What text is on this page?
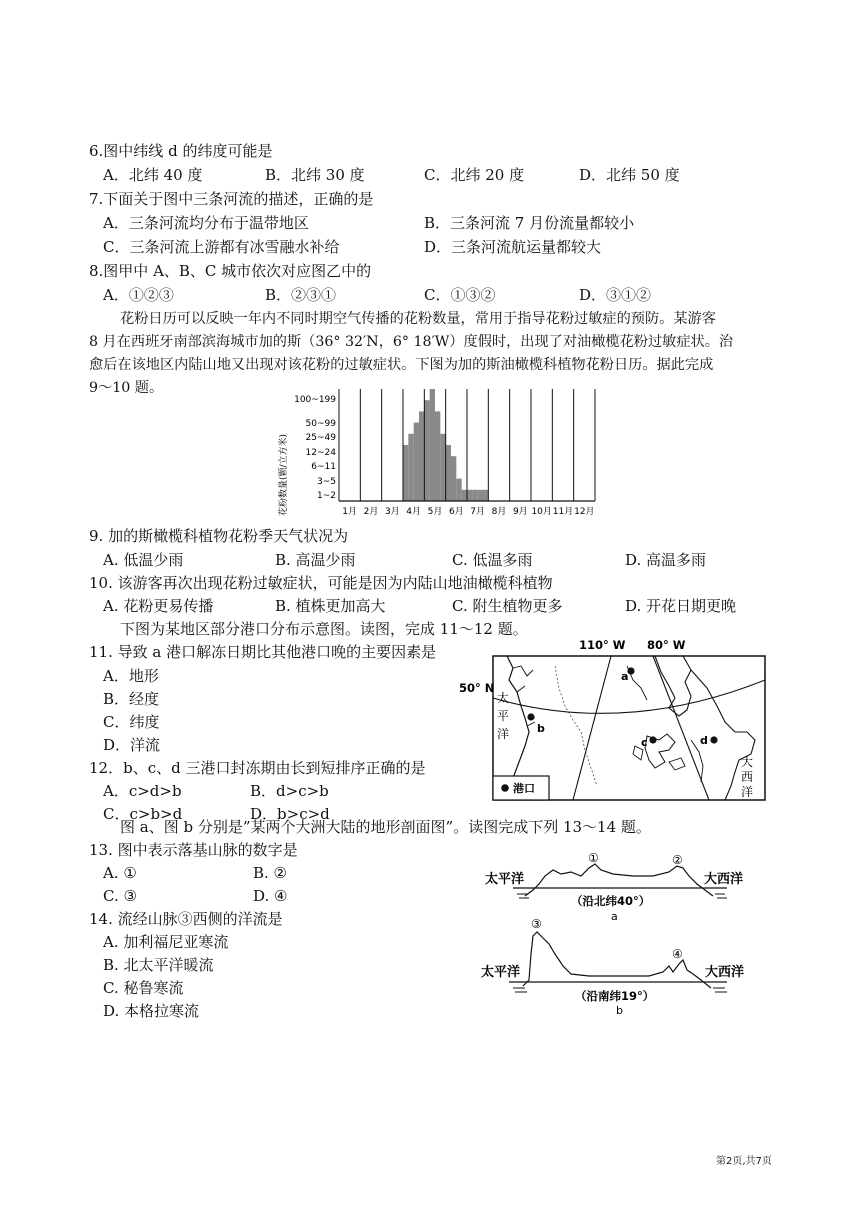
6.图中纬线 d 的纬度可能是
A．北纬 40 度	B．北纬 30 度	C．北纬 20 度	D．北纬 50 度
7.下面关于图中三条河流的描述，正确的是
A．三条河流均分布于温带地区	B．三条河流 7 月份流量都较小
C．三条河流上游都有冰雪融水补给	D．三条河流航运量都较大
8.图甲中 A、B、C 城市依次对应图乙中的
A．①②③	B．②③①	C．①③②	D．③①②
花粉日历可以反映一年内不同时期空气传播的花粉数量，常用于指导花粉过敏症的预防。某游客
8 月在西班牙南部滨海城市加的斯（36° 32′N，6° 18′W）度假时，出现了对油橄榄花粉过敏症状。治
愈后在该地区内陆山地又出现对该花粉的过敏症状。下图为加的斯油橄榄科植物花粉日历。据此完成
9～10 题。
花粉数量(颗/立方米)	1~2
3~5
6~11
12~24
25~49
50~99
100~199
1月 2月 3月 4月 5月 6月 7月 8月 9月 10月 11月 12月
9. 加的斯橄榄科植物花粉季天气状况为
A. 低温少雨	B. 高温少雨	C. 低温多雨	D. 高温多雨
10. 该游客再次出现花粉过敏症状，可能是因为内陆山地油橄榄科植物
A. 花粉更易传播	B. 植株更加高大	C. 附生植物更多	D. 开花日期更晚
下图为某地区部分港口分布示意图。读图，完成 11～12 题。
11. 导致 a 港口解冻日期比其他港口晚的主要因素是
A．地形
B．经度
C．纬度
D．洋流
12．b、c、d 三港口封冻期由长到短排序正确的是
A．c>d>b	B．d>c>b
C．c>b>d	D．b>c>d
110° W 80° W
50° N
太
平
洋
大
西
洋
a
b
c	d
港口
图 a、图 b 分别是”某两个大洲大陆的地形剖面图”。读图完成下列 13～14 题。
13. 图中表示落基山脉的数字是
A. ①	B. ②
C. ③	D. ④
14. 流经山脉③西侧的洋流是
A. 加利福尼亚寒流
B. 北太平洋暖流
C. 秘鲁寒流
D. 本格拉寒流
太平洋	大西洋
①	②
（沿北纬40°）
a
太平洋	大西洋
③
④
（沿南纬19°）
b
第2页,共7页
